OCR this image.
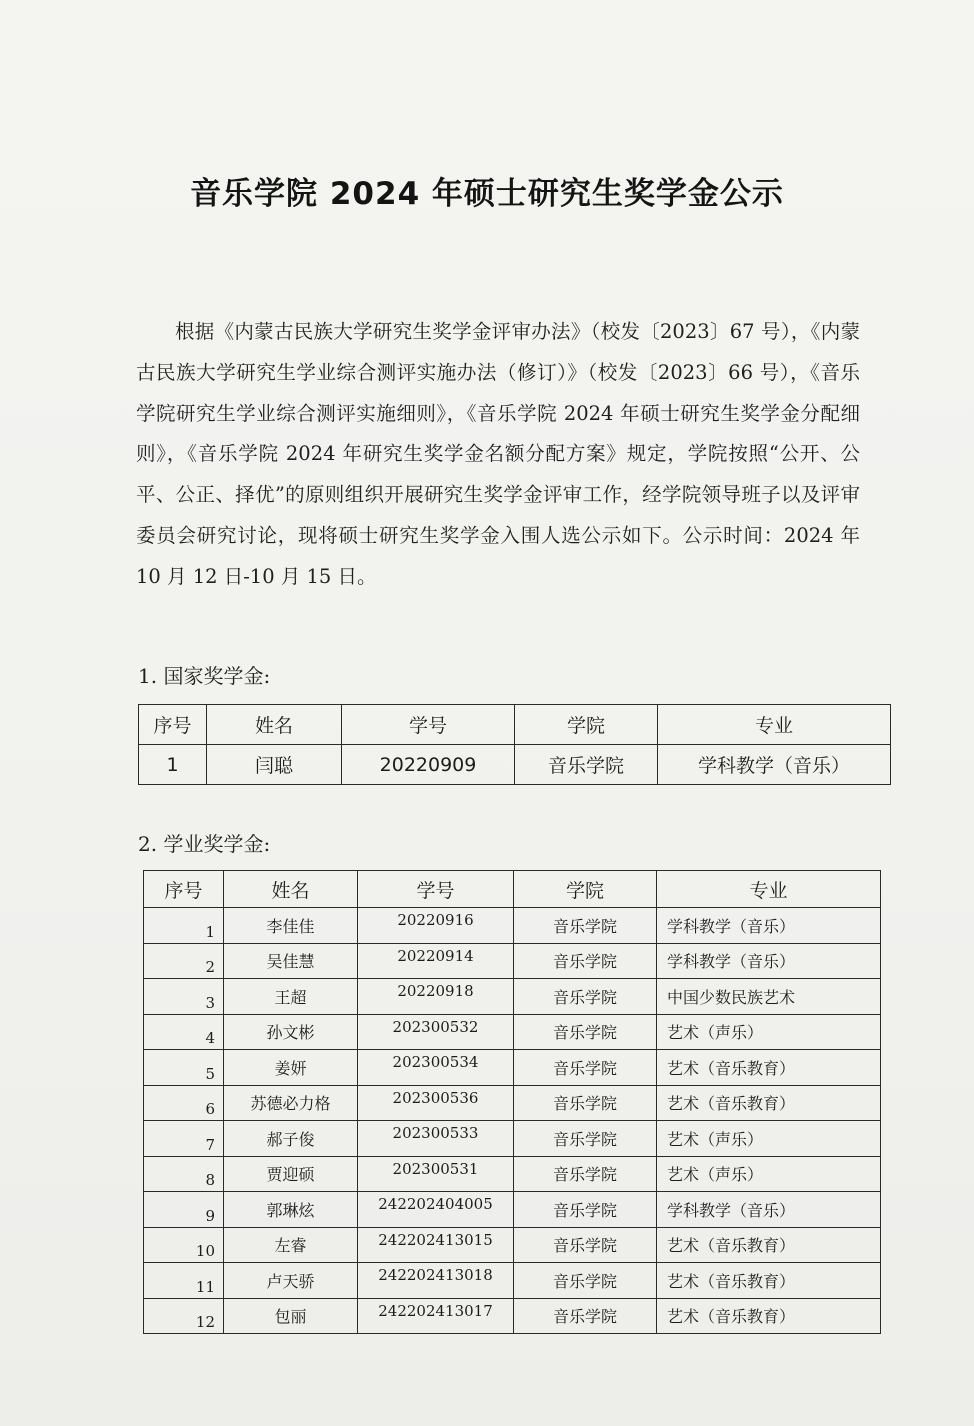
音乐学院 2024 年硕士研究生奖学金公示

根据《内蒙古民族大学研究生奖学金评审办法》（校发〔2023〕67 号），《内蒙古民族大学研究生学业综合测评实施办法（修订）》（校发〔2023〕66 号），《音乐学院研究生学业综合测评实施细则》，《音乐学院 2024 年硕士研究生奖学金分配细则》，《音乐学院 2024 年研究生奖学金名额分配方案》规定，学院按照“公开、公平、公正、择优”的原则组织开展研究生奖学金评审工作，经学院领导班子以及评审委员会研究讨论，现将硕士研究生奖学金入围人选公示如下。公示时间：2024 年 10 月 12 日-10 月 15 日。

1. 国家奖学金:
序号	姓名	学号	学院	专业
1	闫聪	20220909	音乐学院	学科教学（音乐）
2. 学业奖学金:
序号	姓名	学号	学院	专业
1	李佳佳	20220916	音乐学院	学科教学（音乐）
2	吴佳慧	20220914	音乐学院	学科教学（音乐）
3	王超	20220918	音乐学院	中国少数民族艺术
4	孙文彬	202300532	音乐学院	艺术（声乐）
5	姜妍	202300534	音乐学院	艺术（音乐教育）
6	苏德必力格	202300536	音乐学院	艺术（音乐教育）
7	郝子俊	202300533	音乐学院	艺术（声乐）
8	贾迎硕	202300531	音乐学院	艺术（声乐）
9	郭琳炫	242202404005	音乐学院	学科教学（音乐）
10	左睿	242202413015	音乐学院	艺术（音乐教育）
11	卢天骄	242202413018	音乐学院	艺术（音乐教育）
12	包丽	242202413017	音乐学院	艺术（音乐教育）
